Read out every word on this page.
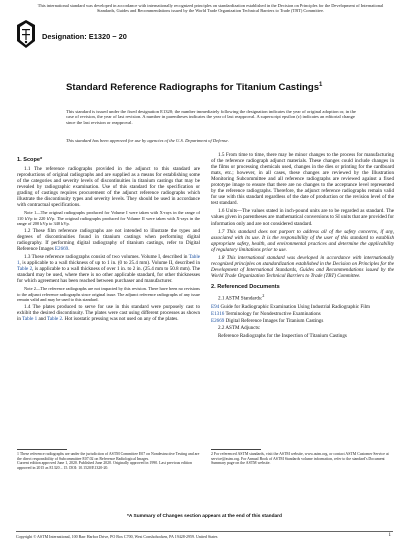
This international standard was developed in accordance with internationally recognized principles on standardization established in the Decision on Principles for the Development of International Standards, Guides and Recommendations issued by the World Trade Organization Technical Barriers to Trade (TBT) Committee.
Designation: E1320 − 20
Standard Reference Radiographs for Titanium Castings$^1$
This standard is issued under the fixed designation E1320; the number immediately following the designation indicates the year of original adoption or, in the case of revision, the year of last revision. A number in parentheses indicates the year of last reapproval. A superscript epsilon (ε) indicates an editorial change since the last revision or reapproval.
This standard has been approved for use by agencies of the U.S. Department of Defense.
1. Scope*

1.1 The reference radiographs provided in the adjunct to this standard are reproductions of original radiographs and are supplied as a means for establishing some of the categories and severity levels of discontinuities in titanium castings that may be revealed by radiographic examination. Use of this standard for the specification or grading of castings requires procurement of the adjunct reference radiographs which illustrate the discontinuity types and severity levels. They should be used in accordance with contractual specifications.

Note 1—The original radiographs produced for Volume I were taken with X-rays in the range of 110 kVp to 220 kVp. The original radiographs produced for Volume II were taken with X-rays in the range of 200 kVp to 340 kVp.

1.2 These film reference radiographs are not intended to illustrate the types and degrees of discontinuities found in titanium castings when performing digital radiography. If performing digital radiography of titanium castings, refer to Digital Reference Images E2669.

1.3 These reference radiographs consist of two volumes. Volume I, described in Table 1, is applicable to a wall thickness of up to 1 in. (0 to 25.4 mm). Volume II, described in Table 2, is applicable to a wall thickness of over 1 in. to 2 in. (25.4 mm to 50.8 mm). The standard may be used, where there is no other applicable standard, for other thicknesses for which agreement has been reached between purchaser and manufacturer.

Note 2—The reference radiographs are not impacted by this revision. There have been no revisions to the adjunct reference radiographs since original issue. The adjunct reference radiographs of any issue remain valid and may be used to this standard.

1.4 The plates produced to serve for use in this standard were purposely cast to exhibit the desired discontinuity. The plates were cast using different processes as shown in Table 1 and Table 2. Hot isostatic pressing was not used on any of the plates.

1.5 From time to time, there may be minor changes to the process for manufacturing of the reference radiograph adjunct materials. These changes could include changes in the films or processing chemicals used, changes in the dies or printing for the cardboard mats, etc.; however, in all cases, these changes are reviewed by the Illustration Monitoring Subcommittee and all reference radiographs are reviewed against a fixed prototype image to ensure that there are no changes to the acceptance level represented by the reference radiographs. Therefore, the adjunct reference radiographs remain valid for use with this standard regardless of the date of production or the revision level of the test standard.

1.6 Units—The values stated in inch-pound units are to be regarded as standard. The values given in parentheses are mathematical conversions to SI units that are provided for information only and are not considered standard.

1.7 This standard does not purport to address all of the safety concerns, if any, associated with its use. It is the responsibility of the user of this standard to establish appropriate safety, health, and environmental practices and determine the applicability of regulatory limitations prior to use.

1.8 This international standard was developed in accordance with internationally recognized principles on standardization established in the Decision on Principles for the Development of International Standards, Guides and Recommendations issued by the World Trade Organization Technical Barriers to Trade (TBT) Committee.

2. Referenced Documents

2.1 ASTM Standards:$^2$

E94 Guide for Radiographic Examination Using Industrial Radiographic Film
E1316 Terminology for Nondestructive Examinations
E2669 Digital Reference Images for Titanium Castings

2.2 ASTM Adjuncts:

Reference Radiographs for the Inspection of Titanium Castings

1 These reference radiographs are under the jurisdiction of ASTM Committee E07 on Nondestructive Testing and are the direct responsibility of Subcommittee E07.02 on Reference Radiological Images.
Current edition approved June 1, 2020. Published June 2020. Originally approved in 1990. Last previous edition approved in 2015 as E1320 – 15. DOI: 10.1520/E1320-20.
2 For referenced ASTM standards, visit the ASTM website, www.astm.org, or contact ASTM Customer Service at service@astm.org. For Annual Book of ASTM Standards volume information, refer to the standard's Document Summary page on the ASTM website.
*A Summary of Changes section appears at the end of this standard
Copyright © ASTM International, 100 Barr Harbor Drive, PO Box C700, West Conshohocken, PA 19428-2959. United States	1
